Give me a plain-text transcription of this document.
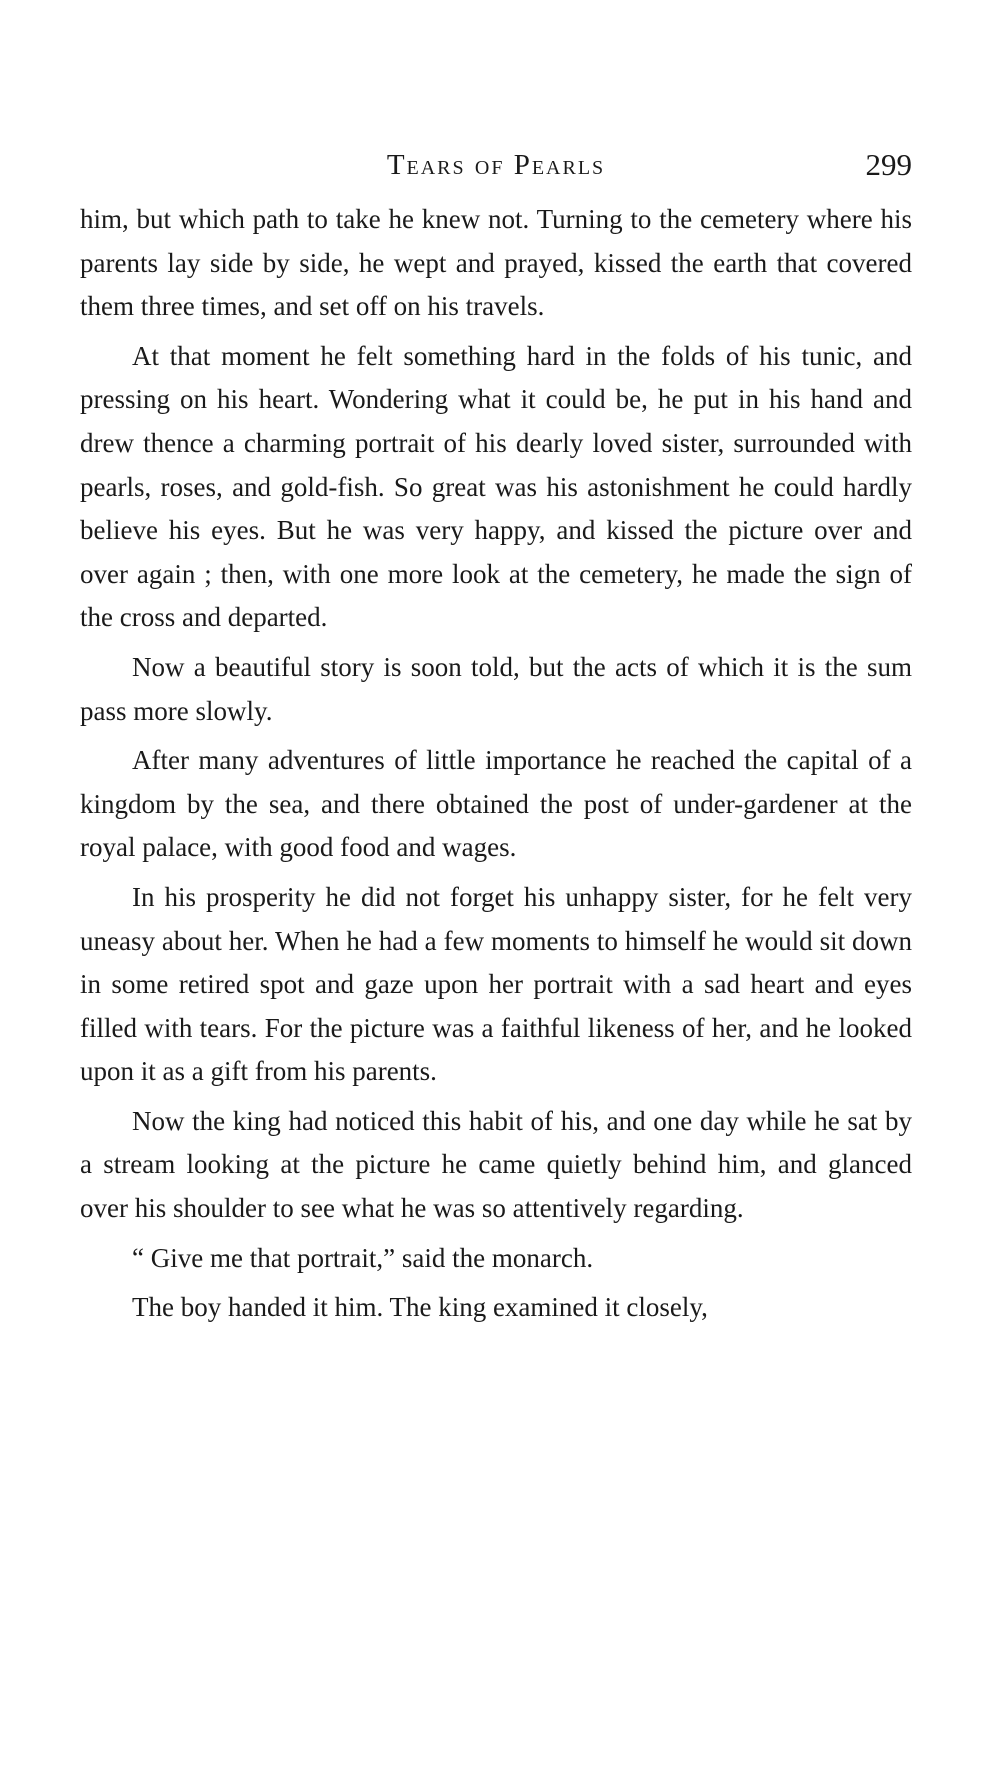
Tears of Pearls	299

him, but which path to take he knew not. Turning to the cemetery where his parents lay side by side, he wept and prayed, kissed the earth that covered them three times, and set off on his travels.

At that moment he felt something hard in the folds of his tunic, and pressing on his heart. Wondering what it could be, he put in his hand and drew thence a charming portrait of his dearly loved sister, surrounded with pearls, roses, and gold-fish. So great was his astonishment he could hardly believe his eyes. But he was very happy, and kissed the picture over and over again ; then, with one more look at the cemetery, he made the sign of the cross and departed.

Now a beautiful story is soon told, but the acts of which it is the sum pass more slowly.

After many adventures of little importance he reached the capital of a kingdom by the sea, and there obtained the post of under-gardener at the royal palace, with good food and wages.

In his prosperity he did not forget his unhappy sister, for he felt very uneasy about her. When he had a few moments to himself he would sit down in some retired spot and gaze upon her portrait with a sad heart and eyes filled with tears. For the picture was a faithful likeness of her, and he looked upon it as a gift from his parents.

Now the king had noticed this habit of his, and one day while he sat by a stream looking at the picture he came quietly behind him, and glanced over his shoulder to see what he was so attentively regarding.

“ Give me that portrait,” said the monarch.

The boy handed it him. The king examined it closely,
